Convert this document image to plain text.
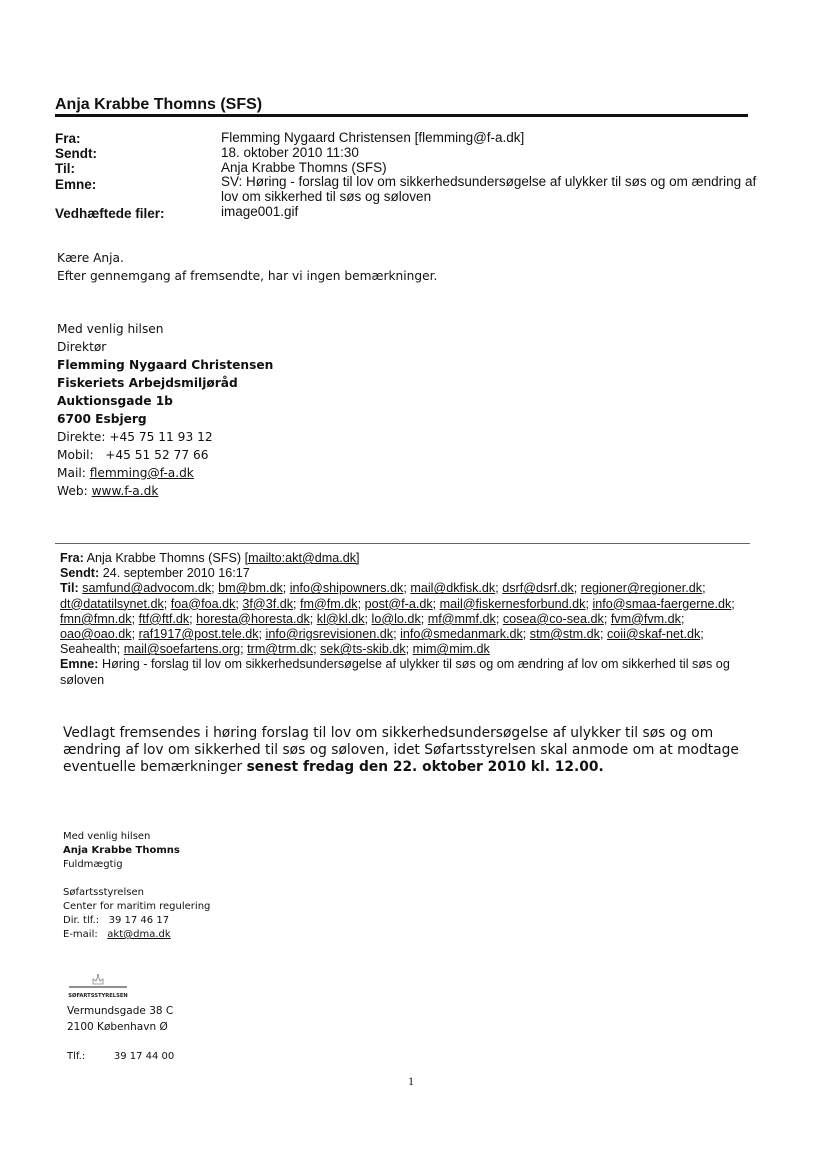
Anja Krabbe Thomns (SFS)
Fra:	Flemming Nygaard Christensen [flemming@f-a.dk]
Sendt:	18. oktober 2010 11:30
Til:	Anja Krabbe Thomns (SFS)
Emne:	SV: Høring - forslag til lov om sikkerhedsundersøgelse af ulykker til søs og om ændring af
lov om sikkerhed til søs og søloven
Vedhæftede filer:	image001.gif
Kære Anja.
Efter gennemgang af fremsendte, har vi ingen bemærkninger.
Med venlig hilsen
Direktør
Flemming Nygaard Christensen
Fiskeriets Arbejdsmiljøråd
Auktionsgade 1b
6700 Esbjerg
Direkte: +45 75 11 93 12
Mobil:   +45 51 52 77 66
Mail: flemming@f-a.dk
Web: www.f-a.dk
Fra: Anja Krabbe Thomns (SFS) [mailto:akt@dma.dk]
Sendt: 24. september 2010 16:17
Til: samfund@advocom.dk; bm@bm.dk; info@shipowners.dk; mail@dkfisk.dk; dsrf@dsrf.dk; regioner@regioner.dk; dt@datatilsynet.dk; foa@foa.dk; 3f@3f.dk; fm@fm.dk; post@f-a.dk; mail@fiskernesforbund.dk; info@smaa-faergerne.dk; fmn@fmn.dk; ftf@ftf.dk; horesta@horesta.dk; kl@kl.dk; lo@lo.dk; mf@mmf.dk; cosea@co-sea.dk; fvm@fvm.dk; oao@oao.dk; raf1917@post.tele.dk; info@rigsrevisionen.dk; info@smedanmark.dk; stm@stm.dk; coii@skaf-net.dk; Seahealth; mail@soefartens.org; trm@trm.dk; sek@ts-skib.dk; mim@mim.dk
Emne: Høring - forslag til lov om sikkerhedsundersøgelse af ulykker til søs og om ændring af lov om sikkerhed til søs og søloven
Vedlagt fremsendes i høring forslag til lov om sikkerhedsundersøgelse af ulykker til søs og om ændring af lov om sikkerhed til søs og søloven, idet Søfartsstyrelsen skal anmode om at modtage eventuelle bemærkninger senest fredag den 22. oktober 2010 kl. 12.00.
Med venlig hilsen
Anja Krabbe Thomns
Fuldmægtig
Søfartsstyrelsen
Center for maritim regulering
Dir. tlf.: 39 17 46 17
E-mail: akt@dma.dk
SØFARTSSTYRELSEN
Vermundsgade 38 C
2100 København Ø
Tlf.:	39 17 44 00
1
